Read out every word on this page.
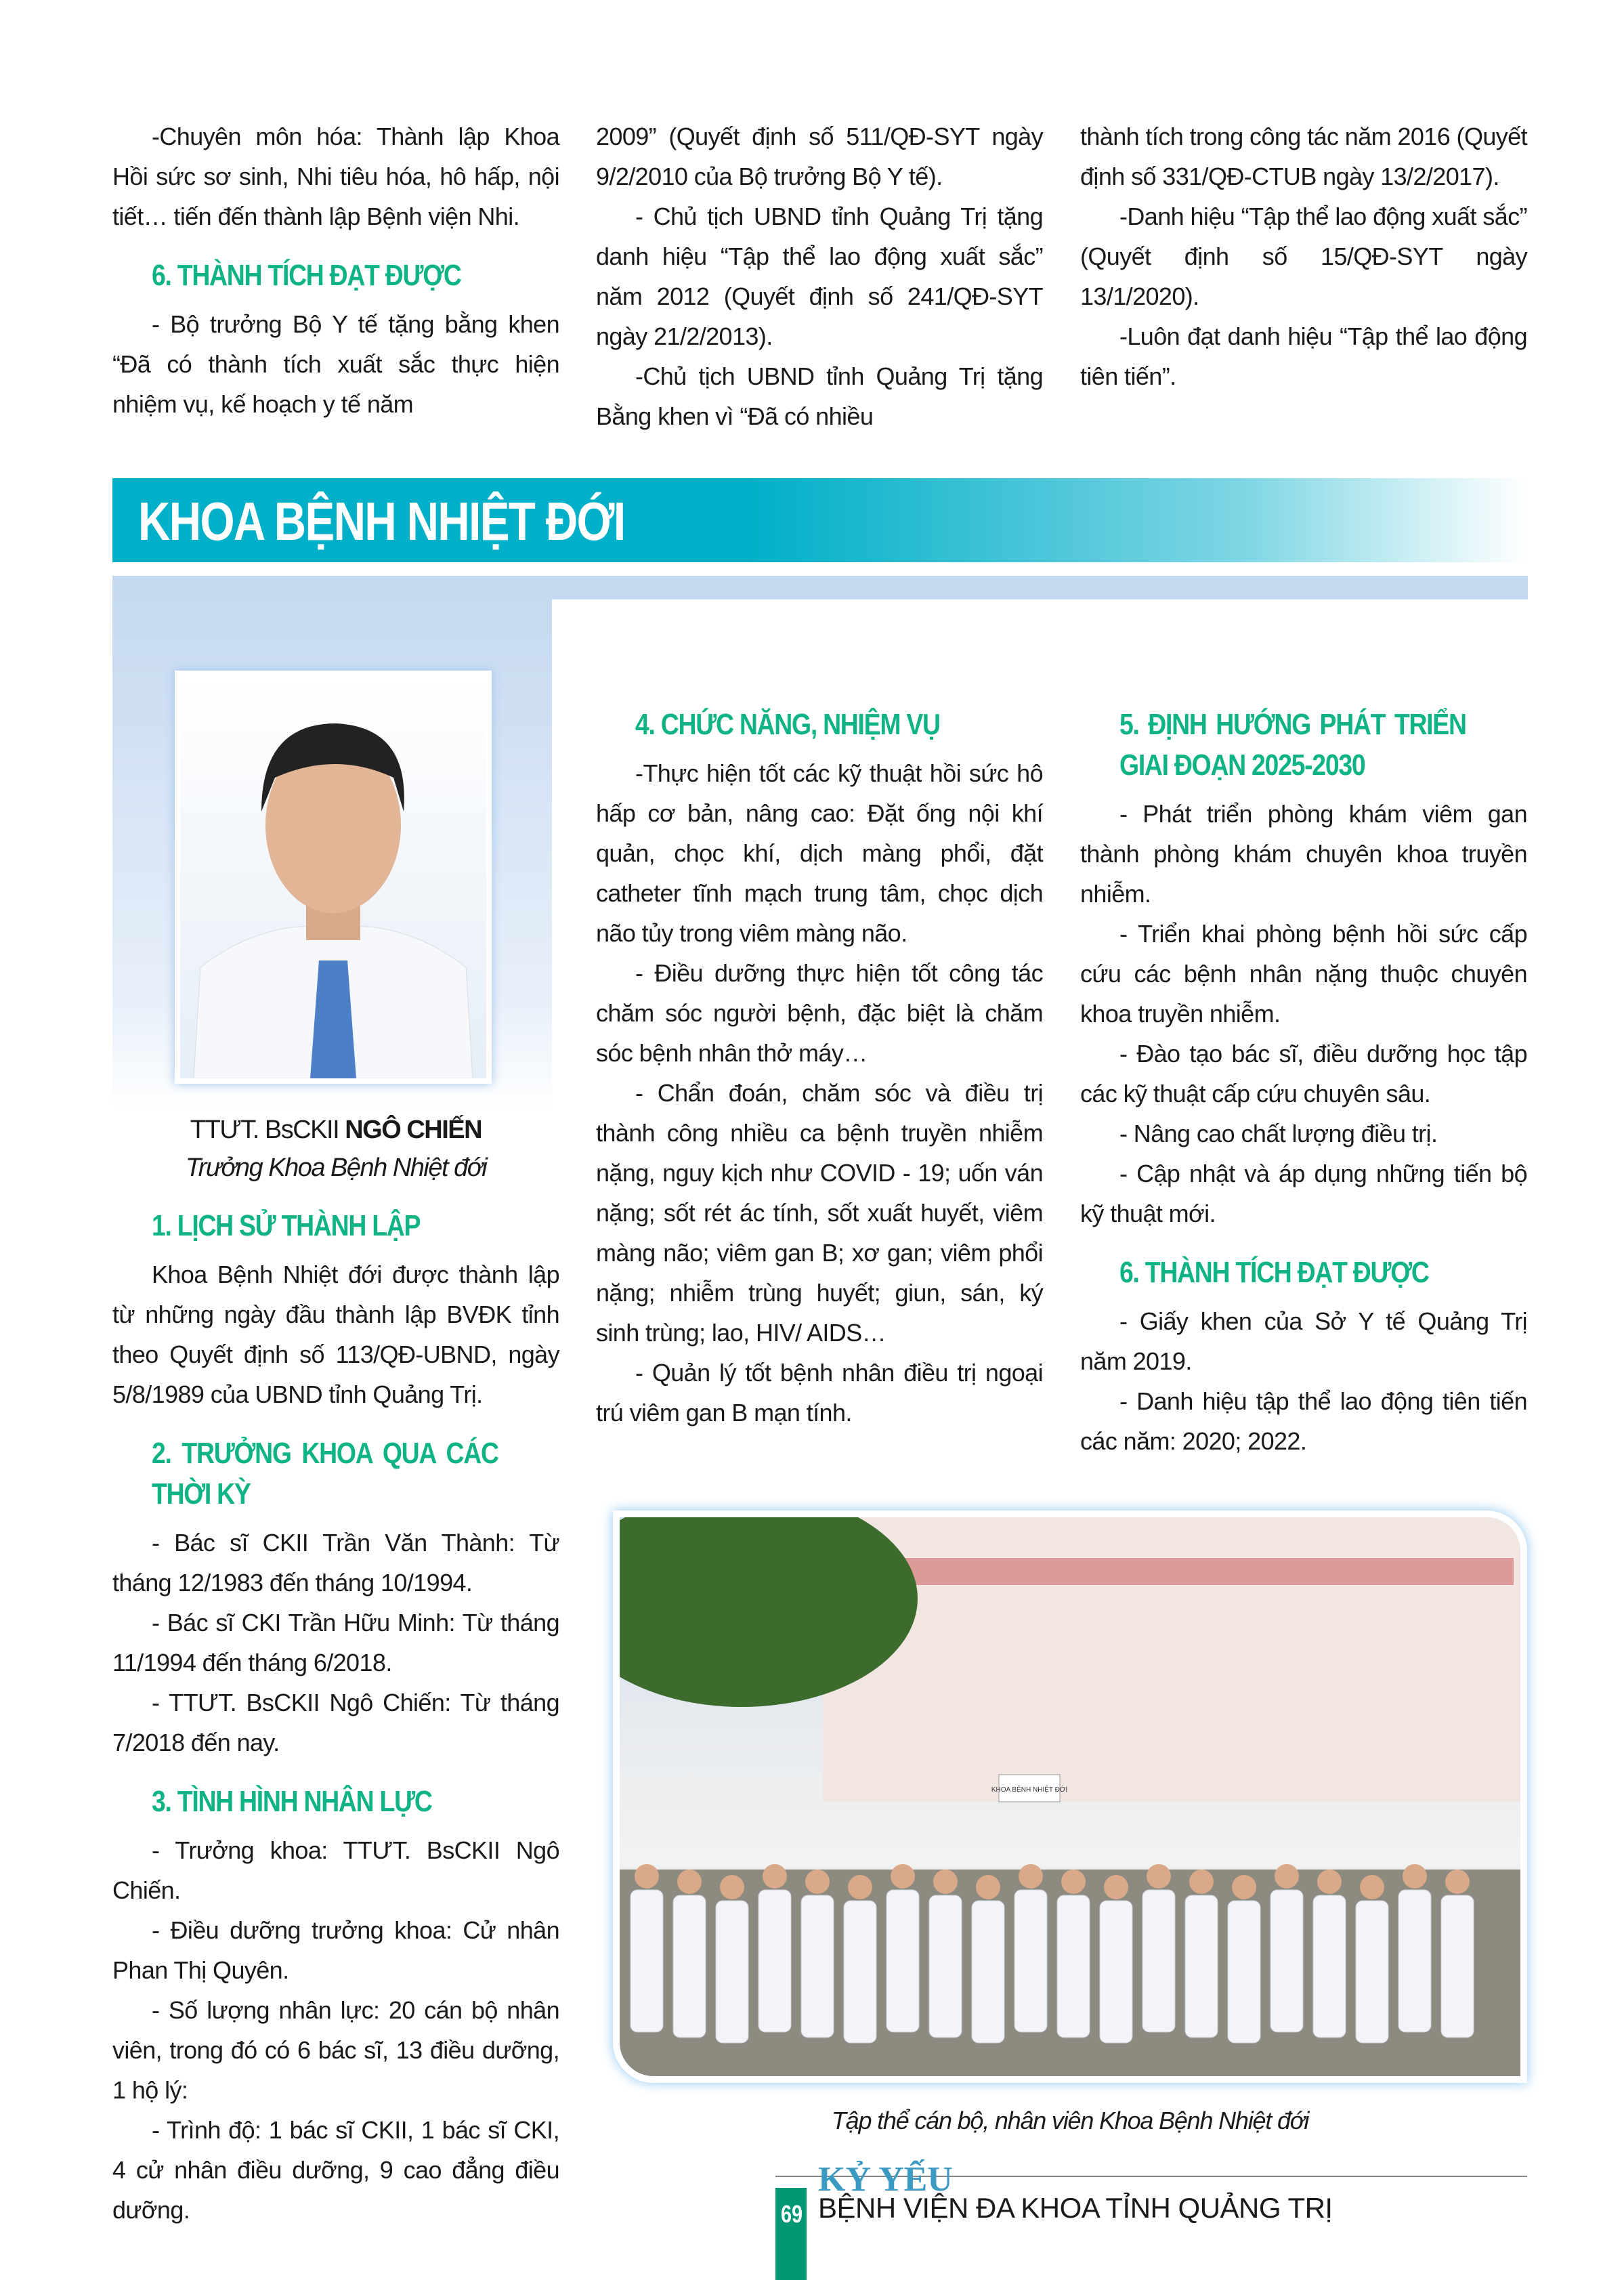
-Chuyên môn hóa: Thành lập Khoa Hồi sức sơ sinh, Nhi tiêu hóa, hô hấp, nội tiết… tiến đến thành lập Bệnh viện Nhi.

6. THÀNH TÍCH ĐẠT ĐƯỢC

- Bộ trưởng Bộ Y tế tặng bằng khen “Đã có thành tích xuất sắc thực hiện nhiệm vụ, kế hoạch y tế năm

2009” (Quyết định số 511/QĐ-SYT ngày 9/2/2010 của Bộ trưởng Bộ Y tế).

- Chủ tịch UBND tỉnh Quảng Trị tặng danh hiệu “Tập thể lao động xuất sắc” năm 2012 (Quyết định số 241/QĐ-SYT ngày 21/2/2013).

-Chủ tịch UBND tỉnh Quảng Trị tặng Bằng khen vì “Đã có nhiều

thành tích trong công tác năm 2016 (Quyết định số 331/QĐ-CTUB ngày 13/2/2017).

-Danh hiệu “Tập thể lao động xuất sắc” (Quyết định số 15/QĐ-SYT ngày 13/1/2020).

-Luôn đạt danh hiệu “Tập thể lao động tiên tiến”.

KHOA BỆNH NHIỆT ĐỚI
TTƯT. BsCKII NGÔ CHIẾN
Trưởng Khoa Bệnh Nhiệt đới
1. LỊCH SỬ THÀNH LẬP

Khoa Bệnh Nhiệt đới được thành lập từ những ngày đầu thành lập BVĐK tỉnh theo Quyết định số 113/QĐ-UBND, ngày 5/8/1989 của UBND tỉnh Quảng Trị.

2. TRƯỞNG KHOA QUA CÁC THỜI KỲ

- Bác sĩ CKII Trần Văn Thành: Từ tháng 12/1983 đến tháng 10/1994.

- Bác sĩ CKI Trần Hữu Minh: Từ tháng 11/1994 đến tháng 6/2018.

- TTƯT. BsCKII Ngô Chiến: Từ tháng 7/2018 đến nay.

3. TÌNH HÌNH NHÂN LỰC

- Trưởng khoa: TTƯT. BsCKII Ngô Chiến.

- Điều dưỡng trưởng khoa: Cử nhân Phan Thị Quyên.

- Số lượng nhân lực: 20 cán bộ nhân viên, trong đó có 6 bác sĩ, 13 điều dưỡng, 1 hộ lý:

- Trình độ: 1 bác sĩ CKII, 1 bác sĩ CKI, 4 cử nhân điều dưỡng, 9 cao đẳng điều dưỡng.

4. CHỨC NĂNG, NHIỆM VỤ

-Thực hiện tốt các kỹ thuật hồi sức hô hấp cơ bản, nâng cao: Đặt ống nội khí quản, chọc khí, dịch màng phổi, đặt catheter tĩnh mạch trung tâm, chọc dịch não tủy trong viêm màng não.

- Điều dưỡng thực hiện tốt công tác chăm sóc người bệnh, đặc biệt là chăm sóc bệnh nhân thở máy…

- Chẩn đoán, chăm sóc và điều trị thành công nhiều ca bệnh truyền nhiễm nặng, nguy kịch như COVID - 19; uốn ván nặng; sốt rét ác tính, sốt xuất huyết, viêm màng não; viêm gan B; xơ gan; viêm phổi nặng; nhiễm trùng huyết; giun, sán, ký sinh trùng; lao, HIV/ AIDS…

- Quản lý tốt bệnh nhân điều trị ngoại trú viêm gan B mạn tính.

5. ĐỊNH HƯỚNG PHÁT TRIỂN GIAI ĐOẠN 2025-2030

- Phát triển phòng khám viêm gan thành phòng khám chuyên khoa truyền nhiễm.

- Triển khai phòng bệnh hồi sức cấp cứu các bệnh nhân nặng thuộc chuyên khoa truyền nhiễm.

- Đào tạo bác sĩ, điều dưỡng học tập các kỹ thuật cấp cứu chuyên sâu.

- Nâng cao chất lượng điều trị.

- Cập nhật và áp dụng những tiến bộ kỹ thuật mới.

6. THÀNH TÍCH ĐẠT ĐƯỢC

- Giấy khen của Sở Y tế Quảng Trị năm 2019.

- Danh hiệu tập thể lao động tiên tiến các năm: 2020; 2022.

KHOA BỆNH NHIỆT ĐỚI
Tập thể cán bộ, nhân viên Khoa Bệnh Nhiệt đới
69
KỶ YẾU
BỆNH VIỆN ĐA KHOA TỈNH QUẢNG TRỊ
